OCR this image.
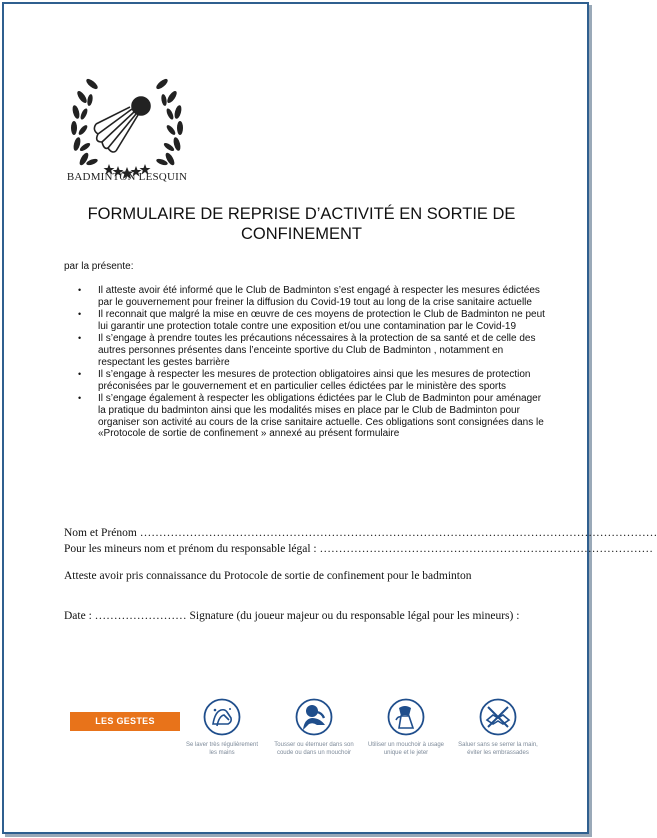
BADMINTON LESQUIN
FORMULAIRE DE REPRISE D’ACTIVITÉ EN SORTIE DE CONFINEMENT
par la présente:
• Il atteste avoir été informé que le Club de Badminton s’est engagé à respecter les mesures édictées par le gouvernement pour freiner la diffusion du Covid-19 tout au long de la crise sanitaire actuelle
• Il reconnait que malgré la mise en œuvre de ces moyens de protection le Club de Badminton ne peut lui garantir une protection totale contre une exposition et/ou une contamination par le Covid-19
• Il s’engage à prendre toutes les précautions nécessaires à la protection de sa santé et de celle des autres personnes présentes dans l’enceinte sportive du Club de Badminton , notamment en respectant les gestes barrière
• Il s’engage à respecter les mesures de protection obligatoires ainsi que les mesures de protection préconisées par le gouvernement et en particulier celles édictées par le ministère des sports
• Il s’engage également à respecter les obligations édictées par le Club de Badminton pour aménager la pratique du badminton ainsi que les modalités mises en place par le Club de Badminton pour organiser son activité au cours de la crise sanitaire actuelle. Ces obligations sont consignées dans le «Protocole de sortie de confinement » annexé au présent formulaire
Nom et Prénom ………………………………………………………………………………………………………………………
Pour les mineurs nom et prénom du responsable légal : ……………………………………………………………………………
Atteste avoir pris connaissance du Protocole de sortie de confinement pour le badminton
Date : …………………… Signature (du joueur majeur ou du responsable légal pour les mineurs) :
LES GESTES BARRIÈRE :	Se laver très régulièrement les mains
Tousser ou éternuer dans son coude ou dans un mouchoir
Utiliser un mouchoir à usage unique et le jeter
Saluer sans se serrer la main, éviter les embrassades
